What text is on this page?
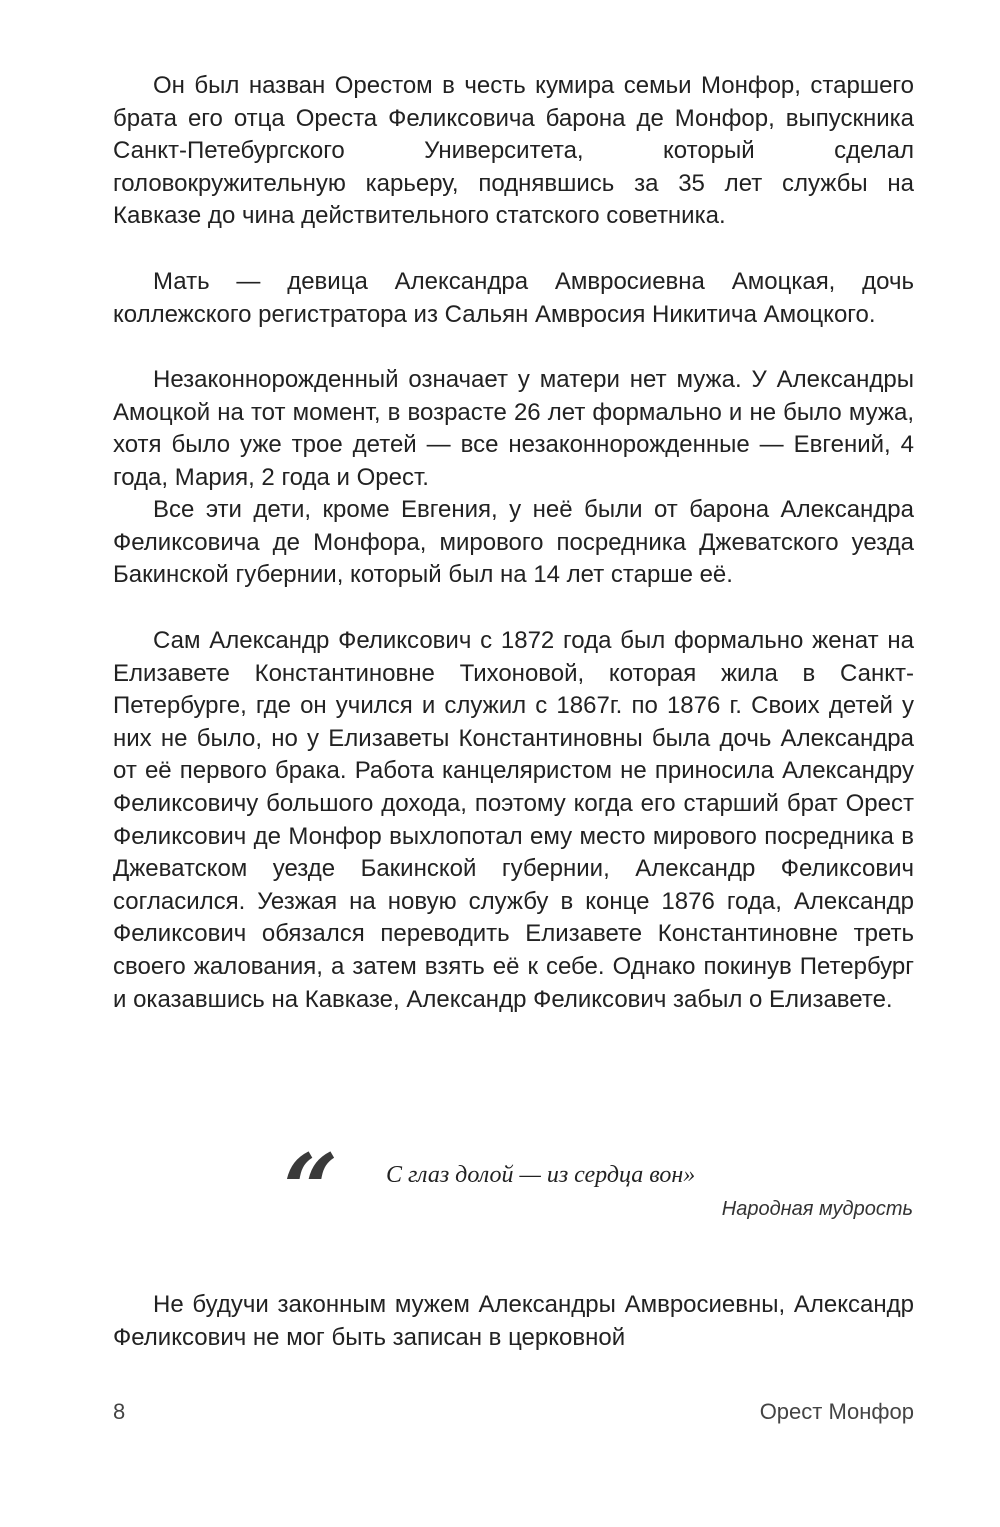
Он был назван Орестом в честь кумира семьи Монфор, старшего брата его отца Ореста Феликсовича барона де Монфор, выпускника Санкт-Петебургского Университета, который сделал головокружительную карьеру, поднявшись за 35 лет службы на Кавказе до чина действительного статского советника.

Мать — девица Александра Амвросиевна Амоцкая, дочь коллежского регистратора из Сальян Амвросия Никитича Амоцкого.

Незаконнорожденный означает у матери нет мужа. У Александры Амоцкой на тот момент, в возрасте 26 лет формально и не было мужа, хотя было уже трое детей — все незаконнорожденные — Евгений, 4 года, Мария, 2 года и Орест.

Все эти дети, кроме Евгения, у неё были от барона Александра Феликсовича де Монфора, мирового посредника Джеватского уезда Бакинской губернии, который был на 14 лет старше её.

Сам Александр Феликсович с 1872 года был формально женат на Елизавете Константиновне Тихоновой, которая жила в Санкт-Петербурге, где он учился и служил с 1867г. по 1876 г. Своих детей у них не было, но у Елизаветы Константиновны была дочь Александра от её первого брака. Работа канцеляристом не приносила Александру Феликсовичу большого дохода, поэтому когда его старший брат Орест Феликсович де Монфор выхлопотал ему место мирового посредника в Джеватском уезде Бакинской губернии, Александр Феликсович согласился. Уезжая на новую службу в конце 1876 года, Александр Феликсович обязался переводить Елизавете Константиновне треть своего жалования, а затем взять её к себе. Однако покинув Петербург и оказавшись на Кавказе, Александр Феликсович забыл о Елизавете.

“ С глаз долой — из сердца вон»
Народная мудрость

Не будучи законным мужем Александры Амвросиевны, Александр Феликсович не мог быть записан в церковной

8	Орест Монфор
